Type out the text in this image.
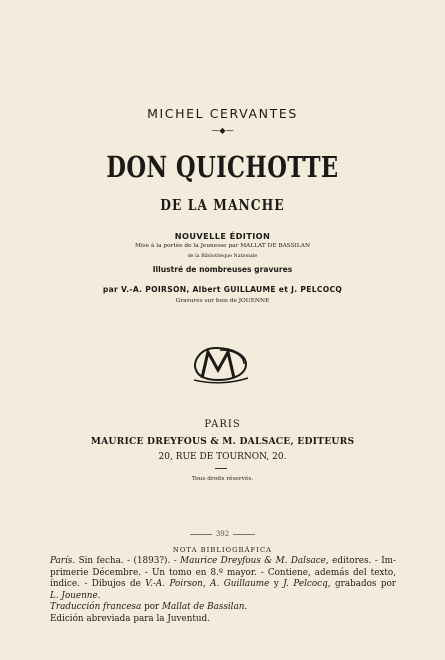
MICHEL CERVANTES
⁓◆⁓
DON QUICHOTTE
DE LA MANCHE
NOUVELLE ÉDITION
Mise à la portée de la Jeunesse par MALLAT DE BASSILAN
de la Bibliothèque Nationale
Illustré de nombreuses gravures
par V.-A. POIRSON, Albert GUILLAUME et J. PELCOCQ
Gravures sur bois de JOUENNE
PARIS
MAURICE DREYFOUS & M. DALSACE, EDITEURS
20, RUE DE TOURNON, 20.
Tous droits réservés.
392
NOTA BIBLIOGRÁFICA
París. Sin fecha. - (1893?). - Maurice Dreyfous & M. Dalsace, editores. - Im-
primerie Décembre. - Un tomo en 8.º mayor. - Contiene, además del texto,
índice. - Dibujos de V.-A. Poirson, A. Guillaume y J. Pelcocq, grabados por
L. Jouenne.
Traducción francesa por Mallat de Bassilan.
Edición abreviada para la Juventud.
